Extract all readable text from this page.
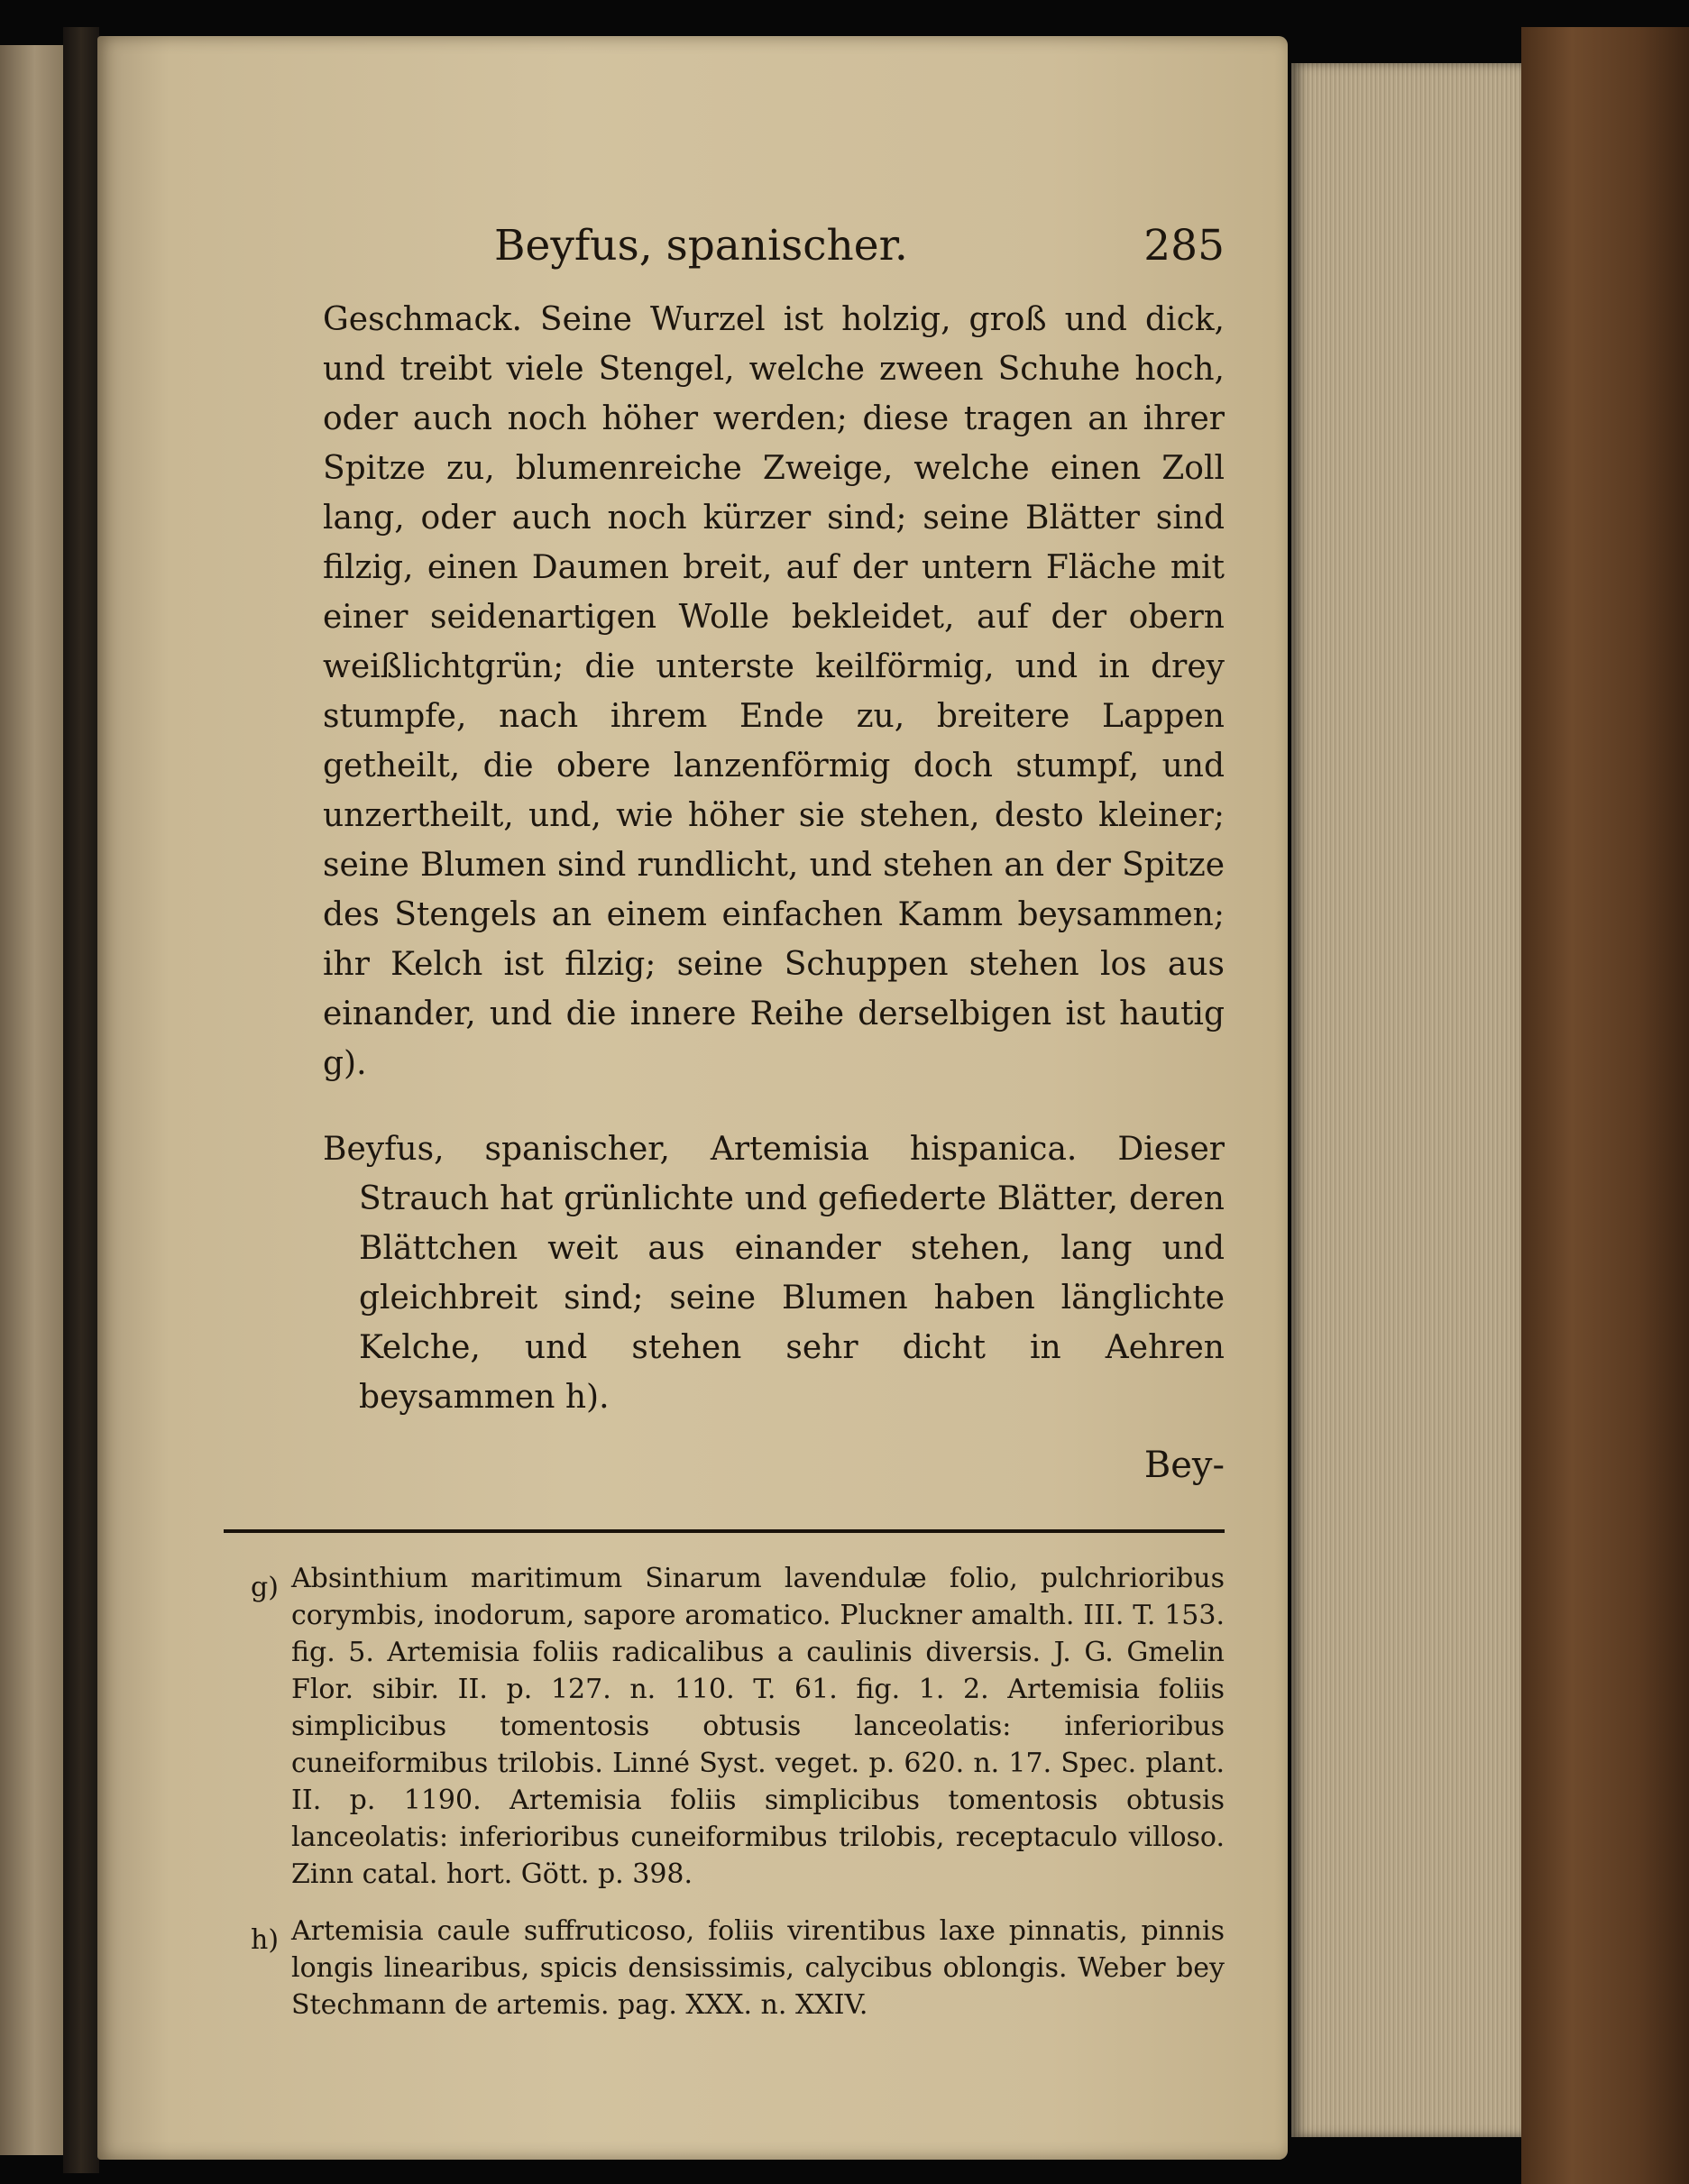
Beyfus, spanischer.	285

Geschmack. Seine Wurzel ist holzig, groß und dick, und treibt viele Stengel, welche zween Schuhe hoch, oder auch noch höher werden; diese tragen an ihrer Spitze zu, blumenreiche Zweige, welche einen Zoll lang, oder auch noch kürzer sind; seine Blätter sind filzig, einen Daumen breit, auf der untern Fläche mit einer seidenartigen Wolle bekleidet, auf der obern weißlichtgrün; die unterste keilförmig, und in drey stumpfe, nach ihrem Ende zu, breitere Lappen getheilt, die obere lanzenförmig doch stumpf, und unzertheilt, und, wie höher sie stehen, desto kleiner; seine Blumen sind rundlicht, und stehen an der Spitze des Stengels an einem einfachen Kamm beysammen; ihr Kelch ist filzig; seine Schuppen stehen los aus einander, und die innere Reihe derselbigen ist hautig g).

Beyfus, spanischer, Artemisia hispanica. Dieser Strauch hat grünlichte und gefiederte Blätter, deren Blättchen weit aus einander stehen, lang und gleichbreit sind; seine Blumen haben länglichte Kelche, und stehen sehr dicht in Aehren beysammen h).

Bey-

g) Absinthium maritimum Sinarum lavendulæ folio, pulchrioribus corymbis, inodorum, sapore aromatico. Pluckner amalth. III. T. 153. fig. 5. Artemisia foliis radicalibus a caulinis diversis. J. G. Gmelin Flor. sibir. II. p. 127. n. 110. T. 61. fig. 1. 2. Artemisia foliis simplicibus tomentosis obtusis lanceolatis: inferioribus cuneiformibus trilobis. Linné Syst. veget. p. 620. n. 17. Spec. plant. II. p. 1190. Artemisia foliis simplicibus tomentosis obtusis lanceolatis: inferioribus cuneiformibus trilobis, receptaculo villoso. Zinn catal. hort. Gött. p. 398.

h) Artemisia caule suffruticoso, foliis virentibus laxe pinnatis, pinnis longis linearibus, spicis densissimis, calycibus oblongis. Weber bey Stechmann de artemis. pag. XXX. n. XXIV.
